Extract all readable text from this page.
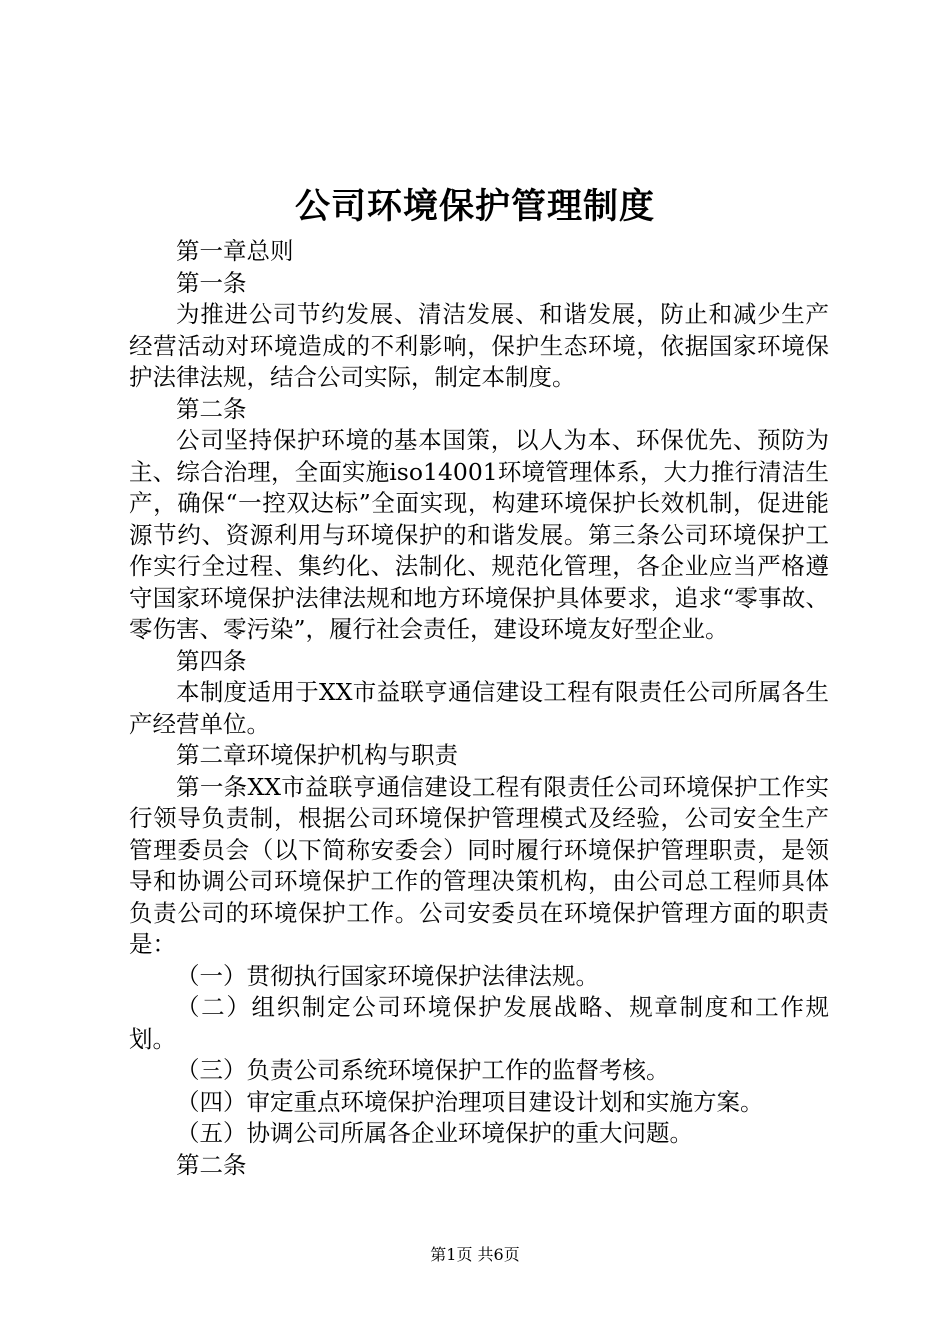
公司环境保护管理制度

第一章总则

第一条

为推进公司节约发展、清洁发展、和谐发展，防止和减少生产经营活动对环境造成的不利影响，保护生态环境，依据国家环境保护法律法规，结合公司实际，制定本制度。

第二条

公司坚持保护环境的基本国策，以人为本、环保优先、预防为主、综合治理，全面实施iso14001环境管理体系，大力推行清洁生产，确保“一控双达标”全面实现，构建环境保护长效机制，促进能源节约、资源利用与环境保护的和谐发展。第三条公司环境保护工作实行全过程、集约化、法制化、规范化管理，各企业应当严格遵守国家环境保护法律法规和地方环境保护具体要求，追求“零事故、零伤害、零污染”，履行社会责任，建设环境友好型企业。

第四条

本制度适用于XX市益联亨通信建设工程有限责任公司所属各生产经营单位。

第二章环境保护机构与职责

第一条XX市益联亨通信建设工程有限责任公司环境保护工作实行领导负责制，根据公司环境保护管理模式及经验，公司安全生产管理委员会（以下简称安委会）同时履行环境保护管理职责，是领导和协调公司环境保护工作的管理决策机构，由公司总工程师具体负责公司的环境保护工作。公司安委员在环境保护管理方面的职责是：

（一）贯彻执行国家环境保护法律法规。

（二）组织制定公司环境保护发展战略、规章制度和工作规划。

（三）负责公司系统环境保护工作的监督考核。

（四）审定重点环境保护治理项目建设计划和实施方案。

（五）协调公司所属各企业环境保护的重大问题。

第二条

第1页 共6页
